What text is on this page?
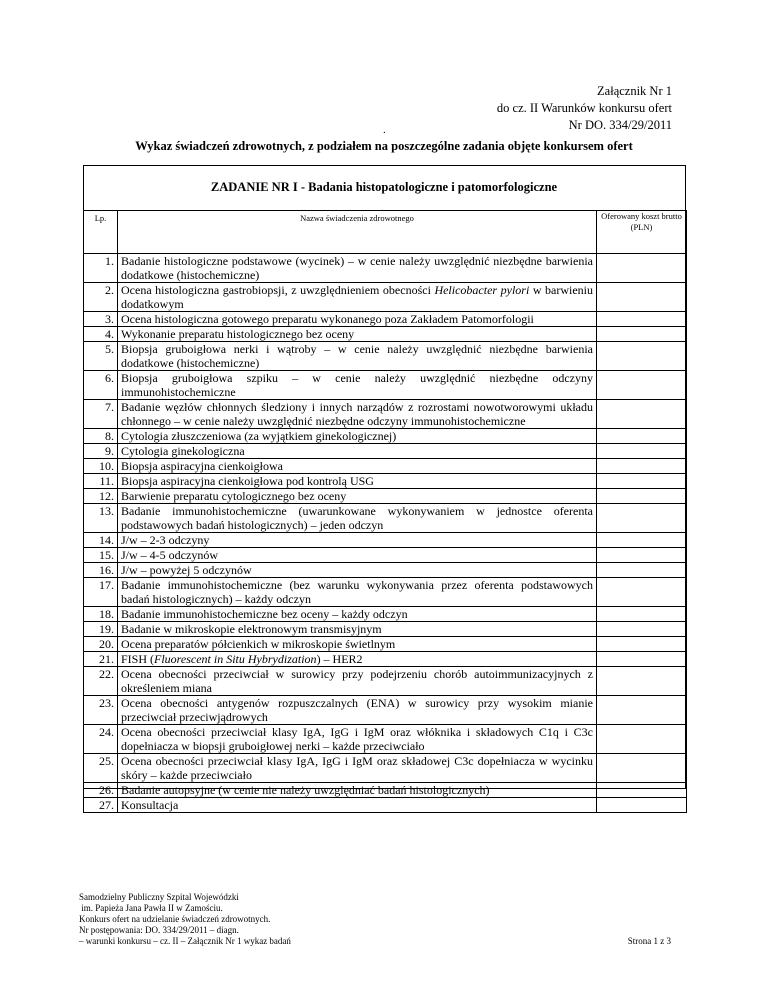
Załącznik Nr 1
do cz. II Warunków konkursu ofert
Nr DO. 334/29/2011
.
Wykaz świadczeń zdrowotnych, z podziałem na poszczególne zadania objęte konkursem ofert
ZADANIE NR I - Badania histopatologiczne i patomorfologiczne
Lp.	Nazwa świadczenia zdrowotnego	Oferowany koszt brutto (PLN)
1.	Badanie histologiczne podstawowe (wycinek) – w cenie należy uwzględnić niezbędne barwienia dodatkowe (histochemiczne)	
2.	Ocena histologiczna gastrobiopsji, z uwzględnieniem obecności Helicobacter pylori w barwieniu dodatkowym	
3.	Ocena histologiczna gotowego preparatu wykonanego poza Zakładem Patomorfologii	
4.	Wykonanie preparatu histologicznego bez oceny	
5.	Biopsja gruboigłowa nerki i wątroby – w cenie należy uwzględnić niezbędne barwienia dodatkowe (histochemiczne)	
6.	Biopsja gruboigłowa szpiku – w cenie należy uwzględnić niezbędne odczyny immunohistochemiczne	
7.	Badanie węzłów chłonnych śledziony i innych narządów z rozrostami nowotworowymi układu chłonnego – w cenie należy uwzględnić niezbędne odczyny immunohistochemiczne	
8.	Cytologia złuszczeniowa (za wyjątkiem ginekologicznej)	
9.	Cytologia ginekologiczna	
10.	Biopsja aspiracyjna cienkoigłowa	
11.	Biopsja aspiracyjna cienkoigłowa pod kontrolą USG	
12.	Barwienie preparatu cytologicznego bez oceny	
13.	Badanie immunohistochemiczne (uwarunkowane wykonywaniem w jednostce oferenta podstawowych badań histologicznych) – jeden odczyn	
14.	J/w – 2-3 odczyny	
15.	J/w – 4-5 odczynów	
16.	J/w – powyżej 5 odczynów	
17.	Badanie immunohistochemiczne (bez warunku wykonywania przez oferenta podstawowych badań histologicznych) – każdy odczyn	
18.	Badanie immunohistochemiczne bez oceny – każdy odczyn	
19.	Badanie w mikroskopie elektronowym transmisyjnym	
20.	Ocena preparatów półcienkich w mikroskopie świetlnym	
21.	FISH (Fluorescent in Situ Hybrydization) – HER2	
22.	Ocena obecności przeciwciał w surowicy przy podejrzeniu chorób autoimmunizacyjnych z określeniem miana	
23.	Ocena obecności antygenów rozpuszczalnych (ENA) w surowicy przy wysokim mianie przeciwciał przeciwjądrowych	
24.	Ocena obecności przeciwciał klasy IgA, IgG i IgM oraz włóknika i składowych C1q i C3c dopełniacza w biopsji gruboigłowej nerki – każde przeciwciało	
25.	Ocena obecności przeciwciał klasy IgA, IgG i IgM oraz składowej C3c dopełniacza w wycinku skóry – każde przeciwciało	
26.	Badanie autopsyjne (w cenie nie należy uwzględniać badań histologicznych)	
27.	Konsultacja	
Samodzielny Publiczny Szpital Wojewódzki
im. Papieża Jana Pawła II w Zamościu.
Konkurs ofert na udzielanie świadczeń zdrowotnych.
Nr postępowania: DO. 334/29/2011 – diagn.
– warunki konkursu – cz. II – Załącznik Nr 1 wykaz badań	Strona 1 z 3
